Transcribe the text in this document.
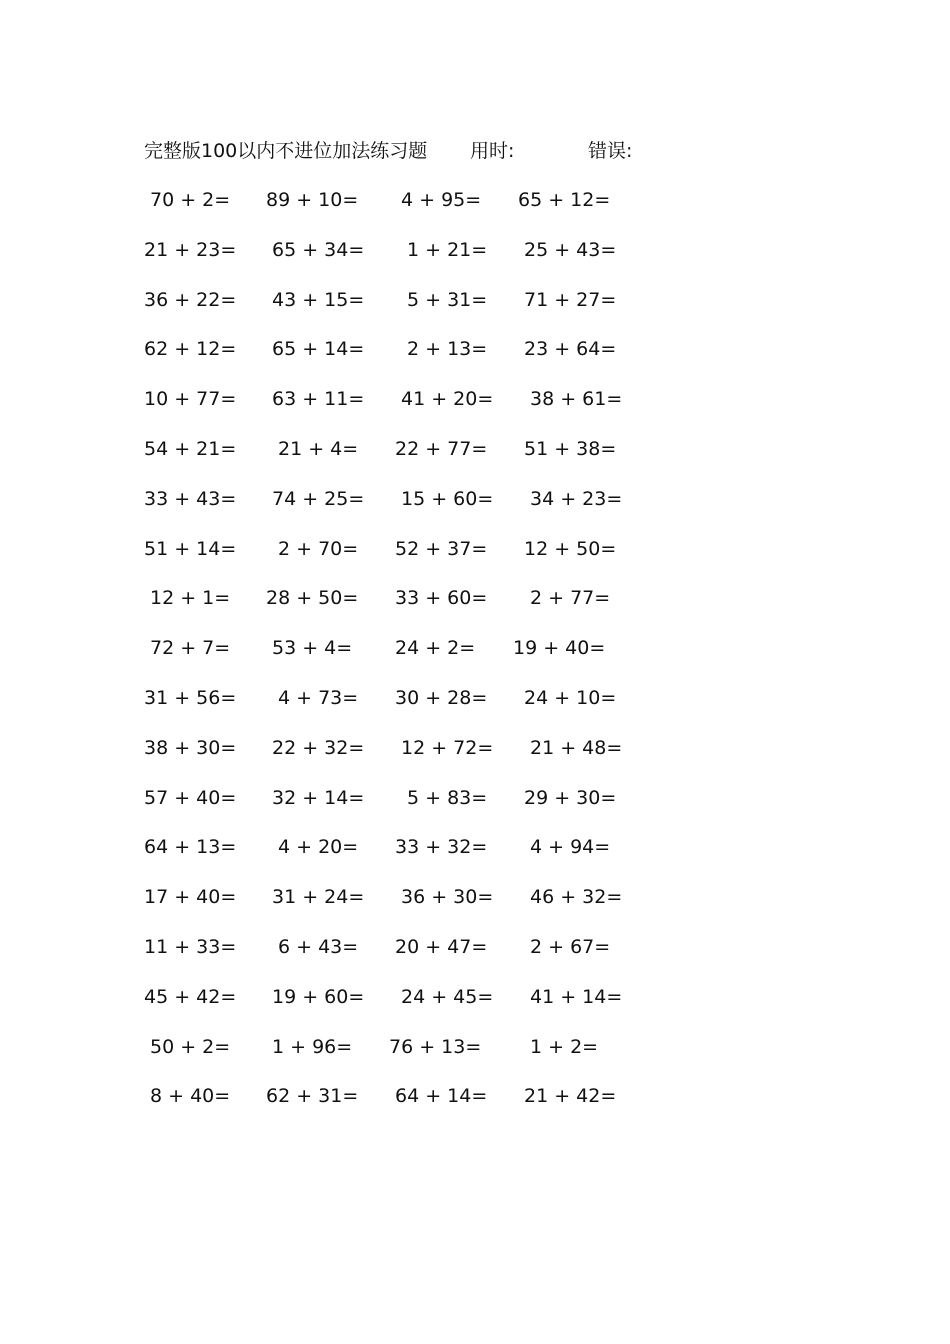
完整版100以内不进位加法练习题 用时:	错误:
70 + 2= 89 + 10= 4 + 95= 65 + 12=
21 + 23= 65 + 34= 1 + 21= 25 + 43=
36 + 22= 43 + 15= 5 + 31= 71 + 27=
62 + 12= 65 + 14= 2 + 13= 23 + 64=
10 + 77= 63 + 11= 41 + 20= 38 + 61=
54 + 21= 21 + 4= 22 + 77= 51 + 38=
33 + 43= 74 + 25= 15 + 60= 34 + 23=
51 + 14= 2 + 70= 52 + 37= 12 + 50=
12 + 1= 28 + 50= 33 + 60= 2 + 77=
72 + 7= 53 + 4= 24 + 2= 19 + 40=
31 + 56= 4 + 73= 30 + 28= 24 + 10=
38 + 30= 22 + 32= 12 + 72= 21 + 48=
57 + 40= 32 + 14= 5 + 83= 29 + 30=
64 + 13= 4 + 20= 33 + 32= 4 + 94=
17 + 40= 31 + 24= 36 + 30= 46 + 32=
11 + 33= 6 + 43= 20 + 47= 2 + 67=
45 + 42= 19 + 60= 24 + 45= 41 + 14=
50 + 2= 1 + 96= 76 + 13=	1 + 2=
8 + 40= 62 + 31= 64 + 14= 21 + 42=
